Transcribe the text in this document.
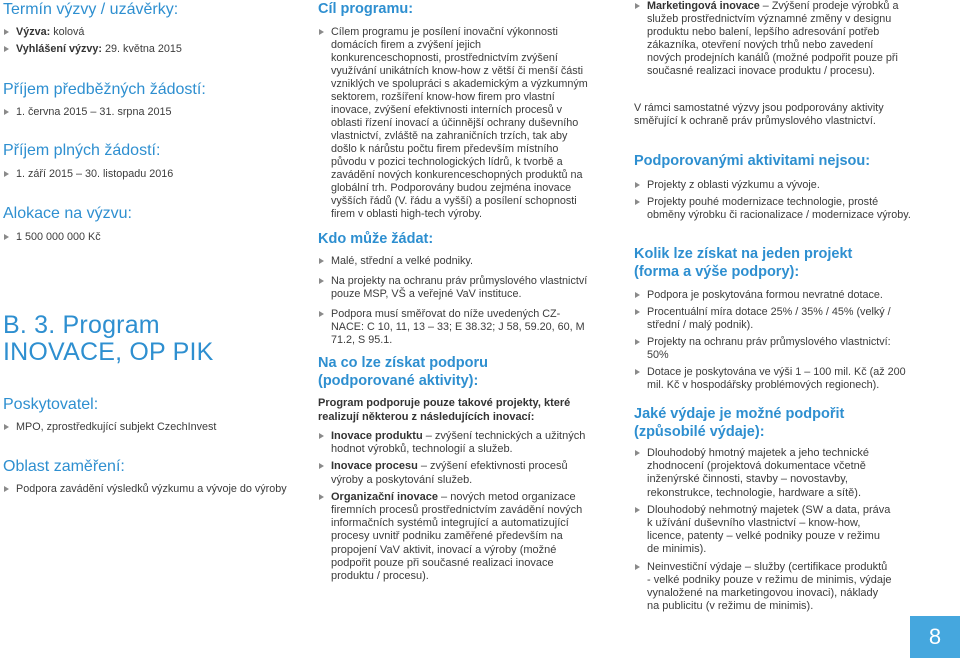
Termín výzvy / uzávěrky:
Výzva: kolová
Vyhlášení výzvy: 29. května 2015
Příjem předběžných žádostí:
1. června 2015 – 31. srpna 2015
Příjem plných žádostí:
1. září 2015 – 30. listopadu 2016
Alokace na výzvu:
1 500 000 000 Kč
B. 3. Program
INOVACE, OP PIK
Poskytovatel:
MPO, zprostředkující subjekt CzechInvest
Oblast zaměření:
Podpora zavádění výsledků výzkumu a vývoje do výroby
Cíl programu:
Cílem programu je posílení inovační výkonnosti domácích firem a zvýšení jejich konkurenceschopnosti, prostřednictvím zvýšení využívání unikátních know-how z větší či menší části vzniklých ve spolupráci s akademickým a výzkumným sektorem, rozšíření know-how firem pro vlastní inovace, zvýšení efektivnosti interních procesů v oblasti řízení inovací a účinnější ochrany duševního vlastnictví, zvláště na zahraničních trzích, tak aby došlo k nárůstu počtu firem především místního původu v pozici technologických lídrů, k tvorbě a zavádění nových konkurenceschopných produktů na globální trh. Podporovány budou zejména inovace vyšších řádů (V. řádu a vyšší) a posílení schopnosti firem v oblasti high-tech výroby.
Kdo může žádat:
Malé, střední a velké podniky.
Na projekty na ochranu práv průmyslového vlastnictví pouze MSP, VŠ a veřejné VaV instituce.
Podpora musí směřovat do níže uvedených CZ-NACE: C 10, 11, 13 – 33; E 38.32; J 58, 59.20, 60, M 71.2, S 95.1.
Na co lze získat podporu
(podporované aktivity):

Program podporuje pouze takové projekty, které realizují některou z následujících inovací:

Inovace produktu – zvýšení technických a užitných hodnot výrobků, technologií a služeb.
Inovace procesu – zvýšení efektivnosti procesů výroby a poskytování služeb.
Organizační inovace – nových metod organizace firemních procesů prostřednictvím zavádění nových informačních systémů integrující a automatizující procesy uvnitř podniku zaměřené především na propojení VaV aktivit, inovací a výroby (možné podpořit pouze při současné realizaci inovace produktu / procesu).
Marketingová inovace – Zvýšení prodeje výrobků a služeb prostřednictvím významné změny v designu produktu nebo balení, lepšího adresování potřeb zákazníka, otevření nových trhů nebo zavedení nových prodejních kanálů (možné podpořit pouze při současné realizaci inovace produktu / procesu).

V rámci samostatné výzvy jsou podporovány aktivity směřující k ochraně práv průmyslového vlastnictví.

Podporovanými aktivitami nejsou:
Projekty z oblasti výzkumu a vývoje.
Projekty pouhé modernizace technologie, prosté obměny výrobku či racionalizace / modernizace výroby.
Kolik lze získat na jeden projekt
(forma a výše podpory):
Podpora je poskytována formou nevratné dotace.
Procentuální míra dotace 25% / 35% / 45% (velký / střední / malý podnik).
Projekty na ochranu práv průmyslového vlastnictví: 50%
Dotace je poskytována ve výši 1 – 100 mil. Kč (až 200 mil. Kč v hospodářsky problémových regionech).
Jaké výdaje je možné podpořit
(způsobilé výdaje):
Dlouhodobý hmotný majetek a jeho technické zhodnocení (projektová dokumentace včetně inženýrské činnosti, stavby – novostavby, rekonstrukce, technologie, hardware a sítě).
Dlouhodobý nehmotný majetek (SW a data, práva k užívání duševního vlastnictví – know-how, licence, patenty – velké podniky pouze v režimu de minimis).
Neinvestiční výdaje – služby (certifikace produktů - velké podniky pouze v režimu de minimis, výdaje vynaložené na marketingovou inovaci), náklady na publicitu (v režimu de minimis).
8
